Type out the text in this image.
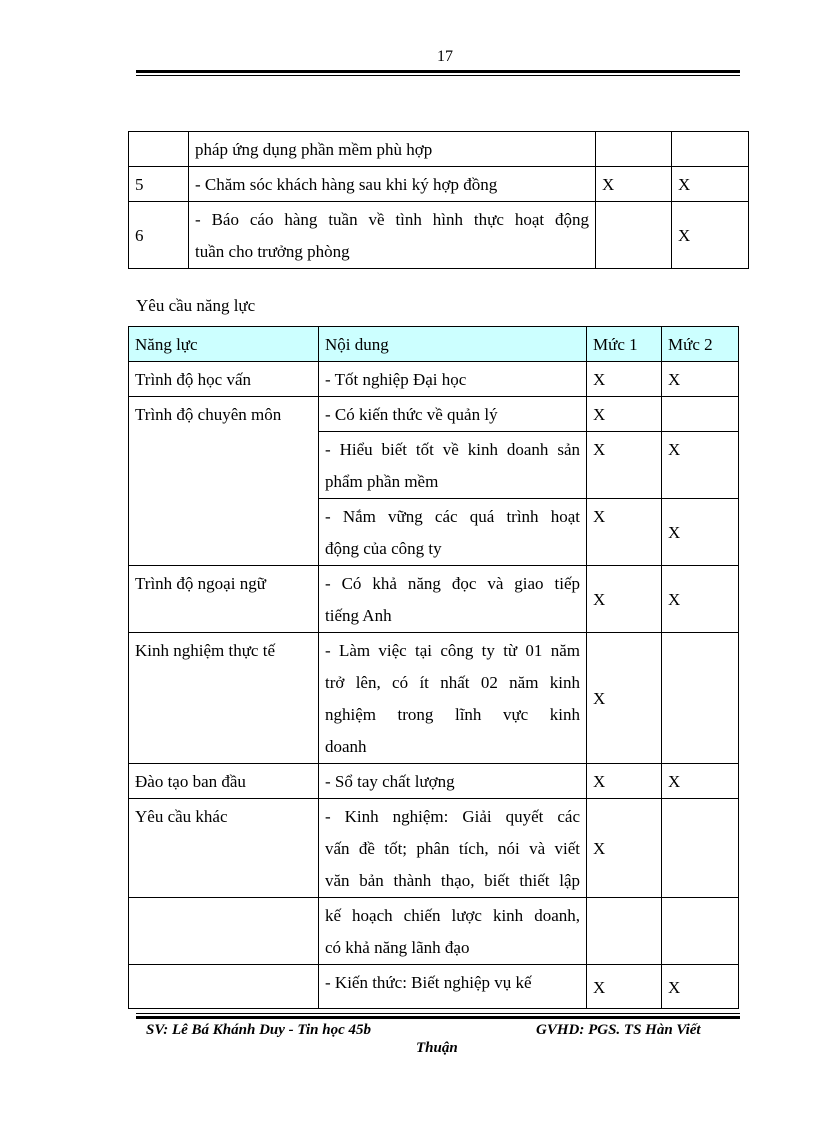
17
	pháp ứng dụng phần mềm phù hợp		
5	- Chăm sóc khách hàng sau khi ký hợp đồng	X	X
6	- Báo cáo hàng tuần về tình hình thực hoạt động
tuần cho trưởng phòng		X
Yêu cầu năng lực
Năng lực	Nội dung	Mức 1	Mức 2
Trình độ học vấn	- Tốt nghiệp Đại học	X	X
Trình độ chuyên môn	- Có kiến thức về quản lý	X	

	- Hiểu biết tốt về kinh doanh sản
phẩm phần mềm	X	X

	- Nắm vững các quá trình hoạt
động của công ty	X	X
Trình độ ngoại ngữ	- Có khả năng đọc và giao tiếp
tiếng Anh	X	X
Kinh nghiệm thực tế	- Làm việc tại công ty từ 01 năm
trở lên, có ít nhất 02 năm kinh
nghiệm trong lĩnh vực kinh
doanh	X	
Đào tạo ban đầu	- Sổ tay chất lượng	X	X
Yêu cầu khác	- Kinh nghiệm: Giải quyết các
vấn đề tốt; phân tích, nói và viết
văn bản thành thạo, biết thiết lập	X	

	kế hoạch chiến lược kinh doanh,
có khả năng lãnh đạo		

	- Kiến thức: Biết nghiệp vụ kế	X	X
SV: Lê Bá Khánh Duy - Tin học 45b	GVHD: PGS. TS Hàn Viết
Thuận
